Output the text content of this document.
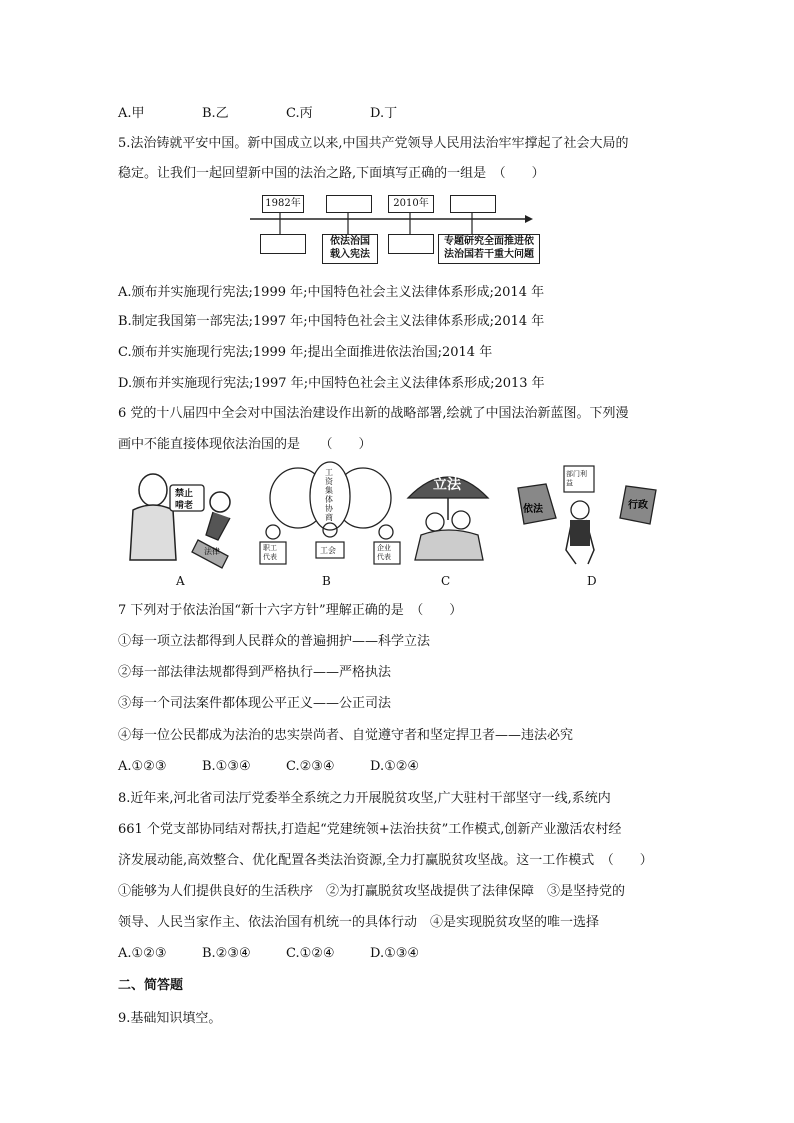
A.甲	B.乙	C.丙	D.丁
5.法治铸就平安中国。新中国成立以来,中国共产党领导人民用法治牢牢撑起了社会大局的
稳定。让我们一起回望新中国的法治之路,下面填写正确的一组是　（　　）
1982年	2010年
依法治国
载入宪法
专题研究全面推进依
法治国若干重大问题
A.颁布并实施现行宪法;1999 年;中国特色社会主义法律体系形成;2014 年
B.制定我国第一部宪法;1997 年;中国特色社会主义法律体系形成;2014 年
C.颁布并实施现行宪法;1999 年;提出全面推进依法治国;2014 年
D.颁布并实施现行宪法;1997 年;中国特色社会主义法律体系形成;2013 年
6 党的十八届四中全会对中国法治建设作出新的战略部署,绘就了中国法治新蓝图。下列漫
画中不能直接体现依法治国的是　　（　　）
禁止
啃老
法律
工资集体协商
职工代表
工会	企业代表
立法
依法	行政
部门利益
A	B	C	D
7 下列对于依法治国“新十六字方针”理解正确的是　（　　）
①每一项立法都得到人民群众的普遍拥护——科学立法
②每一部法律法规都得到严格执行——严格执法
③每一个司法案件都体现公平正义——公正司法
④每一位公民都成为法治的忠实崇尚者、自觉遵守者和坚定捍卫者——违法必究
A.①②③	B.①③④	C.②③④	D.①②④
8.近年来,河北省司法厅党委举全系统之力开展脱贫攻坚,广大驻村干部坚守一线,系统内
661 个党支部协同结对帮扶,打造起“党建统领+法治扶贫”工作模式,创新产业激活农村经
济发展动能,高效整合、优化配置各类法治资源,全力打赢脱贫攻坚战。这一工作模式　（　　）
①能够为人们提供良好的生活秩序　②为打赢脱贫攻坚战提供了法律保障　③是坚持党的
领导、人民当家作主、依法治国有机统一的具体行动　④是实现脱贫攻坚的唯一选择
A.①②③	B.②③④	C.①②④	D.①③④
二、简答题
9.基础知识填空。
